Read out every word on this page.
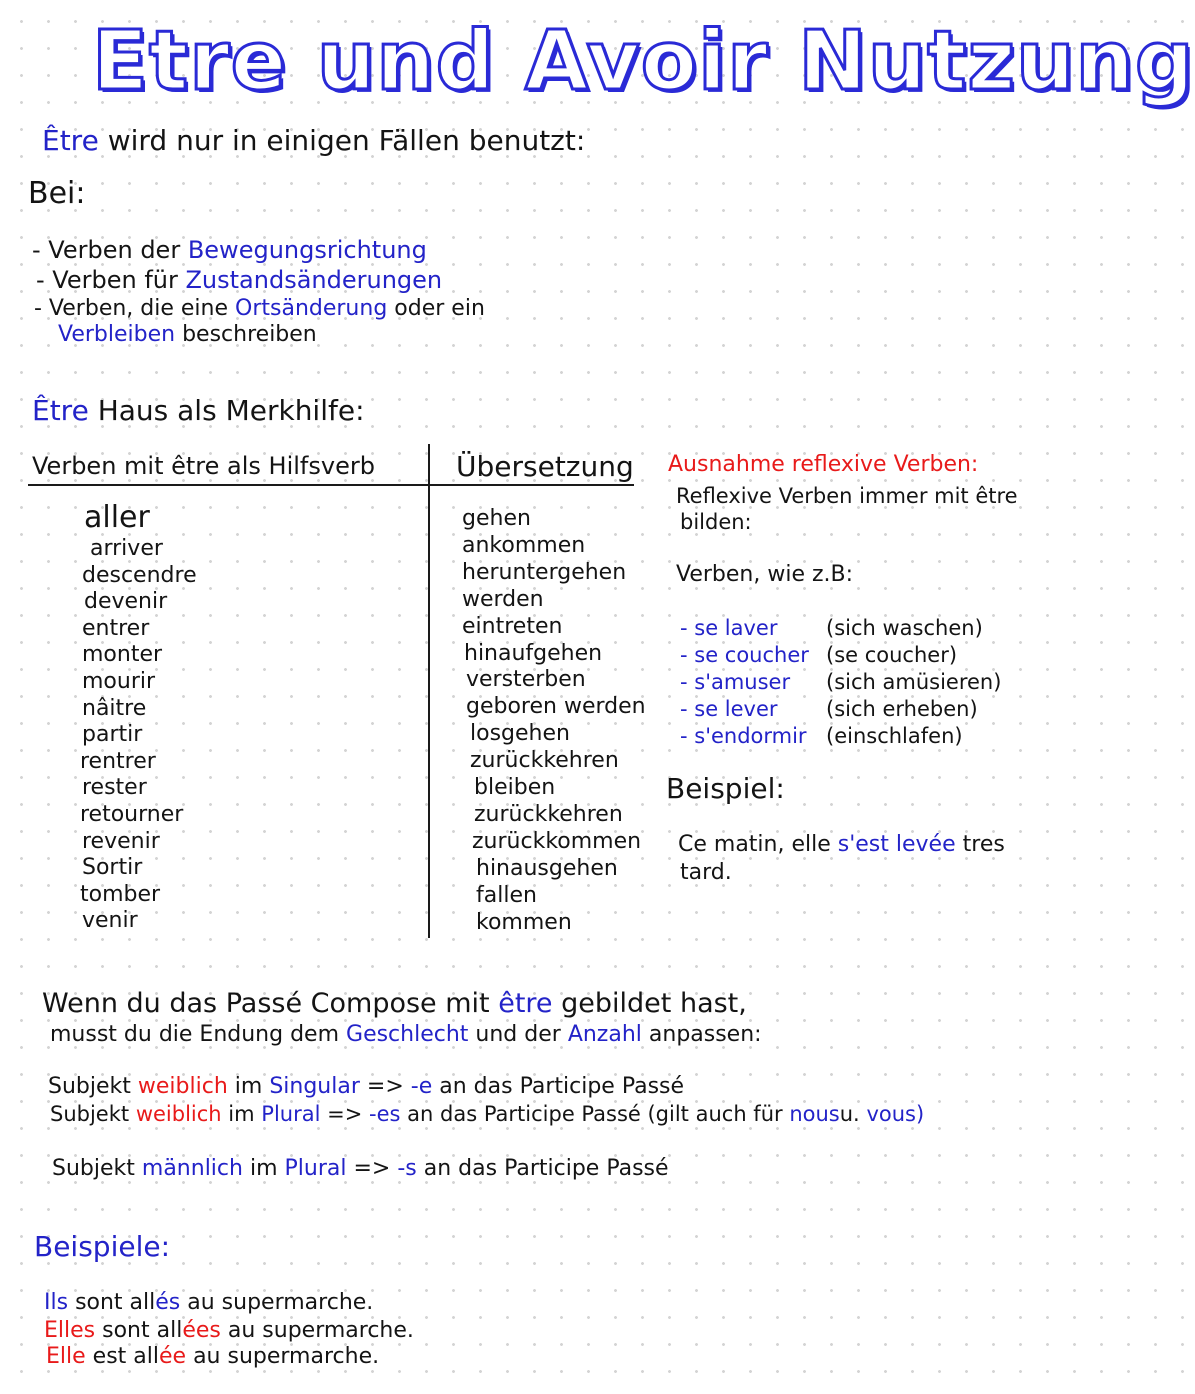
Etre und Avoir Nutzung
Être wird nur in einigen Fällen benutzt:
Bei:
- Verben der Bewegungsrichtung
- Verben für Zustandsänderungen
- Verben, die eine Ortsänderung oder ein
Verbleiben beschreiben
Être Haus als Merkhilfe:
Verben mit être als Hilfsverb	Übersetzung
aller
arriver
descendre
devenir
entrer
monter
mourir
nâitre
partir
rentrer
rester
retourner
revenir
Sortir
tomber
venir
gehen
ankommen
heruntergehen
werden
eintreten
hinaufgehen
versterben
geboren werden
losgehen
zurückkehren
bleiben
zurückkehren
zurückkommen
hinausgehen
fallen
kommen
Ausnahme reflexive Verben:
Reflexive Verben immer mit être
bilden:
Verben, wie z.B:
- se laver (sich waschen)
- se coucher (se coucher)
- s'amuser (sich amüsieren)
- se lever (sich erheben)
- s'endormir (einschlafen)
Beispiel:
Ce matin, elle s'est levée tres
tard.
Wenn du das Passé Compose mit être gebildet hast,
musst du die Endung dem Geschlecht und der Anzahl anpassen:
Subjekt weiblich im Singular => -e an das Participe Passé
Subjekt weiblich im Plural => -es an das Participe Passé (gilt auch für nousu. vous)
Subjekt männlich im Plural => -s an das Participe Passé
Beispiele:
Ils sont allés au supermarche.
Elles sont allées au supermarche.
Elle est allée au supermarche.
